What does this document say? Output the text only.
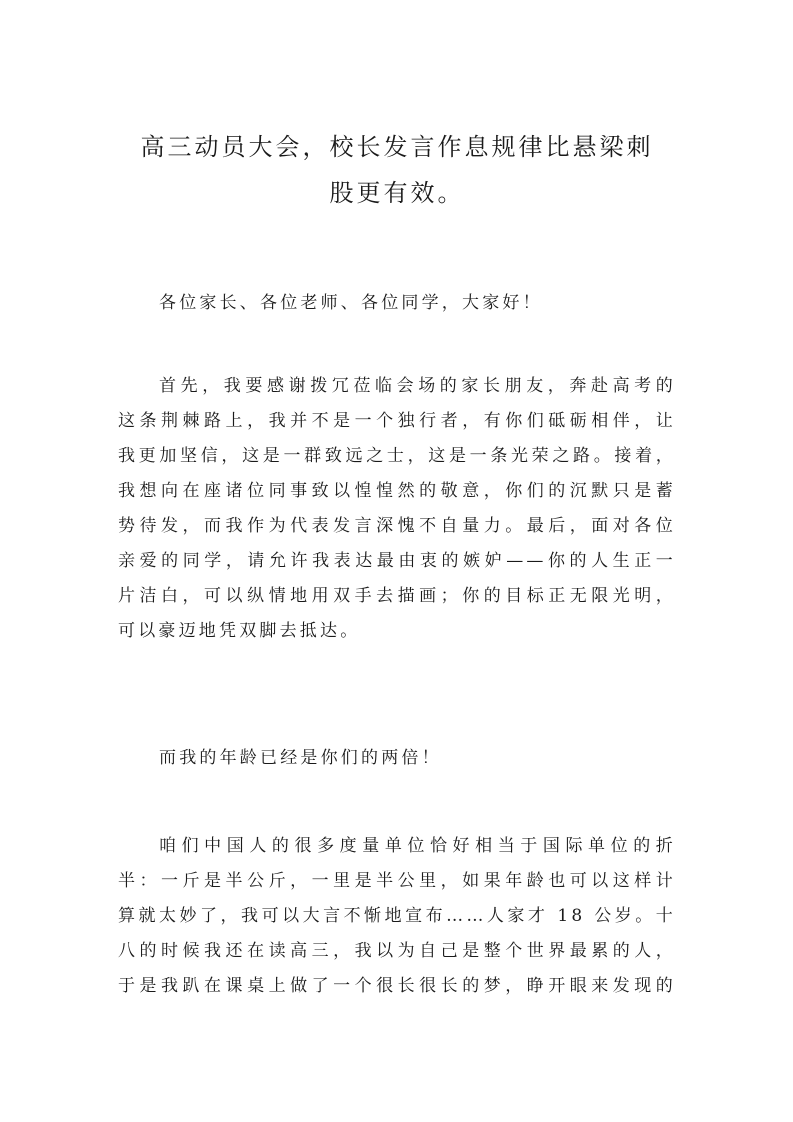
高三动员大会，校长发言作息规律比悬梁刺
股更有效。
各位家长、各位老师、各位同学，大家好！
首先，我要感谢拨冗莅临会场的家长朋友，奔赴高考的
这条荆棘路上，我并不是一个独行者，有你们砥砺相伴，让
我更加坚信，这是一群致远之士，这是一条光荣之路。接着，
我想向在座诸位同事致以惶惶然的敬意，你们的沉默只是蓄
势待发，而我作为代表发言深愧不自量力。最后，面对各位
亲爱的同学，请允许我表达最由衷的嫉妒——你的人生正一
片洁白，可以纵情地用双手去描画；你的目标正无限光明，
可以豪迈地凭双脚去抵达。
而我的年龄已经是你们的两倍！
咱们中国人的很多度量单位恰好相当于国际单位的折
半：一斤是半公斤，一里是半公里，如果年龄也可以这样计
算就太妙了，我可以大言不惭地宣布……人家才 18 公岁。十
八的时候我还在读高三，我以为自己是整个世界最累的人，
于是我趴在课桌上做了一个很长很长的梦，睁开眼来发现的
